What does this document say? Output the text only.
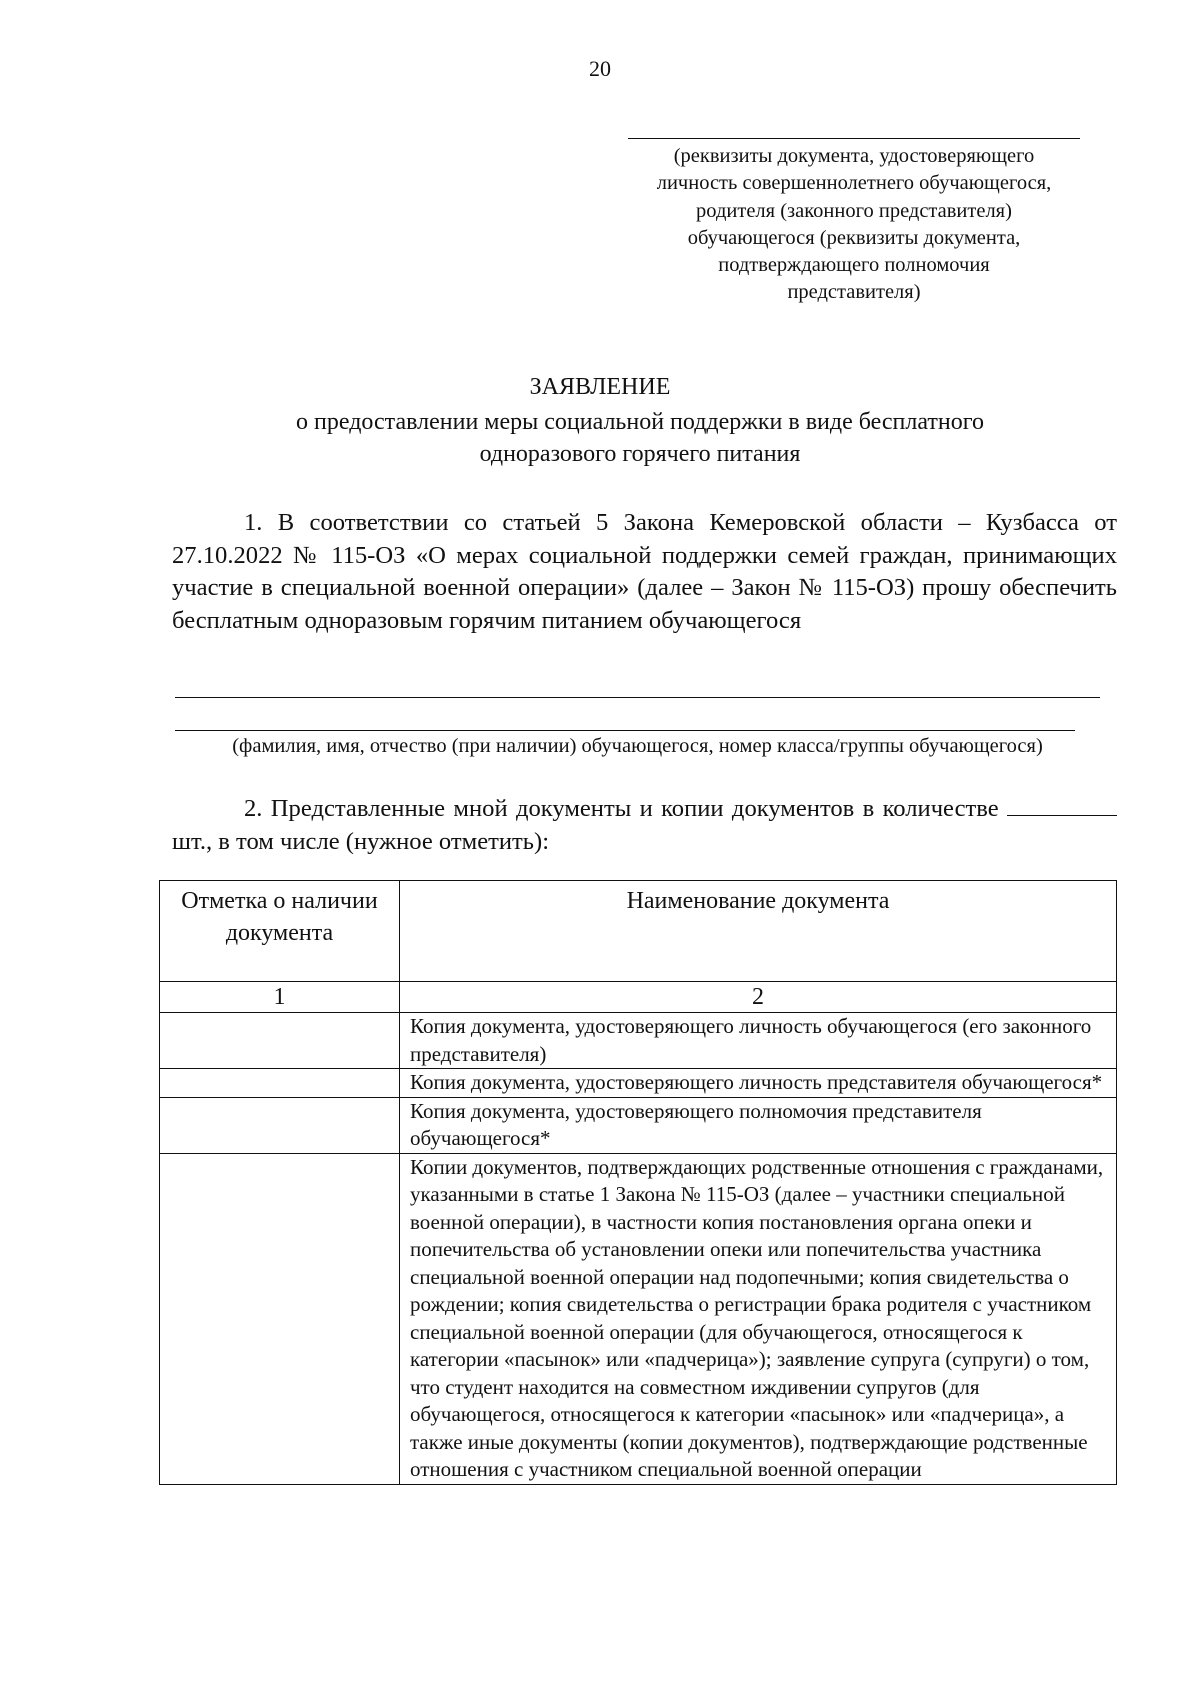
20
(реквизиты документа, удостоверяющего
личность совершеннолетнего обучающегося,
родителя (законного представителя)
обучающегося (реквизиты документа,
подтверждающего полномочия
представителя)
ЗАЯВЛЕНИЕ
о предоставлении меры социальной поддержки в виде бесплатного
одноразового горячего питания
1. В соответствии со статьей 5 Закона Кемеровской области – Кузбасса от 27.10.2022 № 115-ОЗ «О мерах социальной поддержки семей граждан, принимающих участие в специальной военной операции» (далее – Закон № 115-ОЗ) прошу обеспечить бесплатным одноразовым горячим питанием обучающегося
(фамилия, имя, отчество (при наличии) обучающегося, номер класса/группы обучающегося)
2. Представленные мной документы и копии документов в количестве  шт., в том числе (нужное отметить):
Отметка о наличии документа	Наименование документа
1	2
	Копия документа, удостоверяющего личность обучающегося (его законного представителя)
	Копия документа, удостоверяющего личность представителя обучающегося*
	Копия документа, удостоверяющего полномочия представителя обучающегося*
	Копии документов, подтверждающих родственные отношения с гражданами, указанными в статье 1 Закона № 115-ОЗ (далее – участники специальной военной операции), в частности копия постановления органа опеки и попечительства об установлении опеки или попечительства участника специальной военной операции над подопечными; копия свидетельства о рождении; копия свидетельства о регистрации брака родителя с участником специальной военной операции (для обучающегося, относящегося к категории «пасынок» или «падчерица»); заявление супруга (супруги) о том, что студент находится на совместном иждивении супругов (для обучающегося, относящегося к категории «пасынок» или «падчерица», а также иные документы (копии документов), подтверждающие родственные отношения с участником специальной военной операции
